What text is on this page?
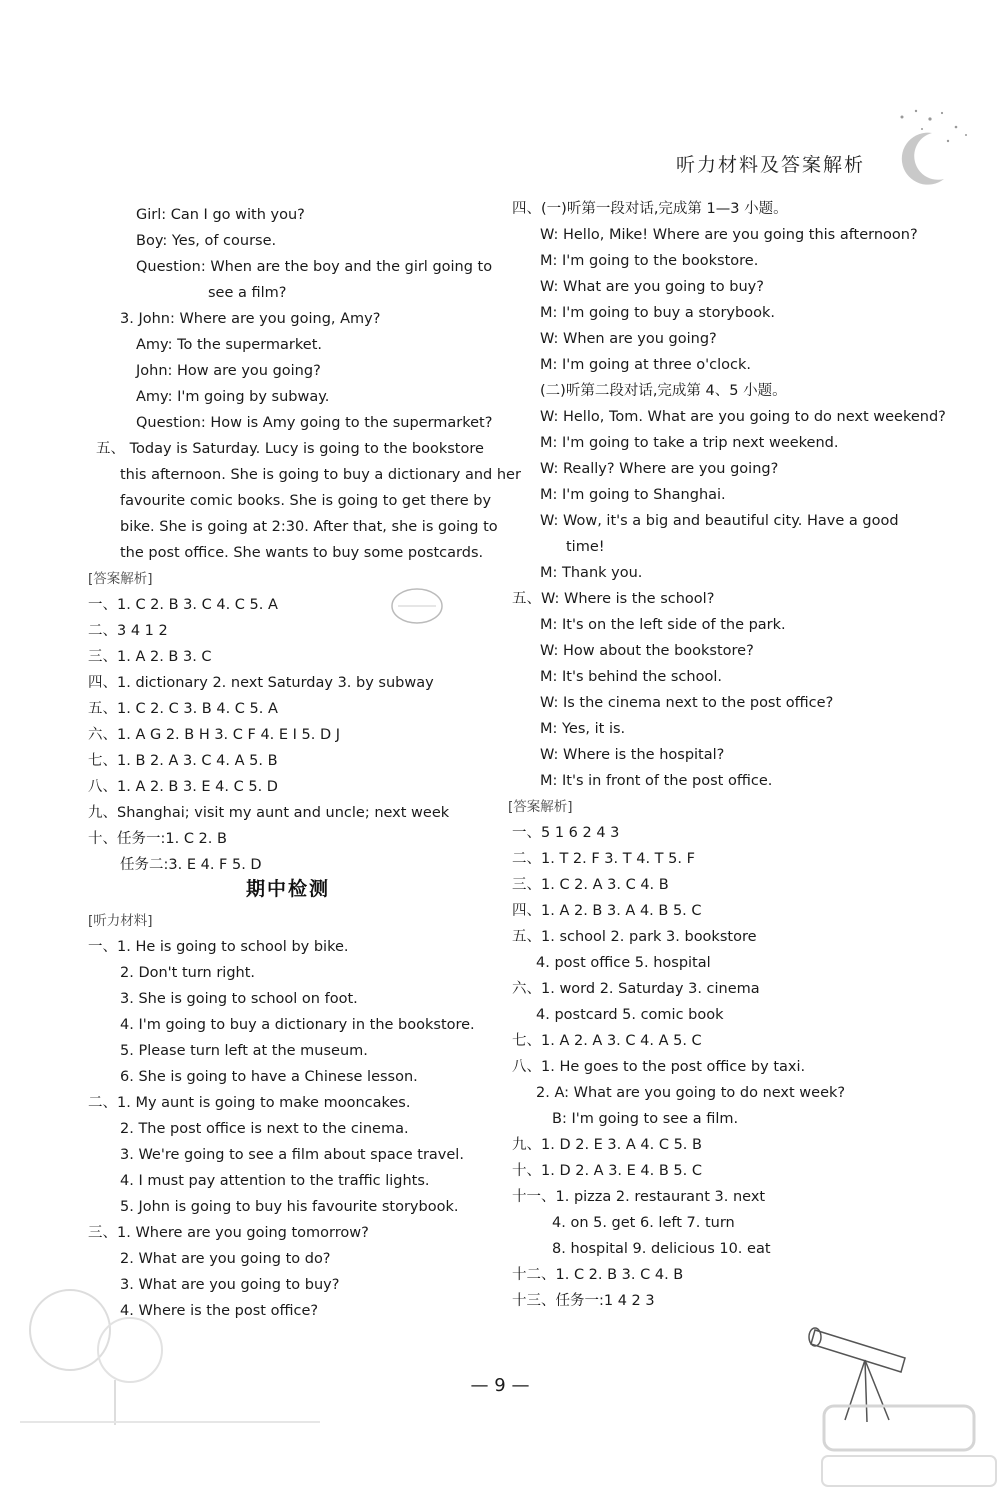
听力材料及答案解析
Girl: Can I go with you?
Boy: Yes, of course.
Question: When are the boy and the girl going to
see a film?
3. John: Where are you going, Amy?
Amy: To the supermarket.
John: How are you going?
Amy: I'm going by subway.
Question: How is Amy going to the supermarket?
五、 Today is Saturday. Lucy is going to the bookstore
this afternoon. She is going to buy a dictionary and her
favourite comic books. She is going to get there by
bike. She is going at 2:30. After that, she is going to
the post office. She wants to buy some postcards.
[答案解析]
一、1. C 2. B 3. C 4. C 5. A
二、3 4 1 2
三、1. A 2. B 3. C
四、1. dictionary 2. next Saturday 3. by subway
五、1. C 2. C 3. B 4. C 5. A
六、1. A G 2. B H 3. C F 4. E I 5. D J
七、1. B 2. A 3. C 4. A 5. B
八、1. A 2. B 3. E 4. C 5. D
九、Shanghai; visit my aunt and uncle; next week
十、任务一:1. C 2. B
任务二:3. E 4. F 5. D
期中检测
[听力材料]
一、1. He is going to school by bike.
2. Don't turn right.
3. She is going to school on foot.
4. I'm going to buy a dictionary in the bookstore.
5. Please turn left at the museum.
6. She is going to have a Chinese lesson.
二、1. My aunt is going to make mooncakes.
2. The post office is next to the cinema.
3. We're going to see a film about space travel.
4. I must pay attention to the traffic lights.
5. John is going to buy his favourite storybook.
三、1. Where are you going tomorrow?
2. What are you going to do?
3. What are you going to buy?
4. Where is the post office?
四、(一)听第一段对话,完成第 1—3 小题。
W: Hello, Mike! Where are you going this afternoon?
M: I'm going to the bookstore.
W: What are you going to buy?
M: I'm going to buy a storybook.
W: When are you going?
M: I'm going at three o'clock.
(二)听第二段对话,完成第 4、5 小题。
W: Hello, Tom. What are you going to do next weekend?
M: I'm going to take a trip next weekend.
W: Really? Where are you going?
M: I'm going to Shanghai.
W: Wow, it's a big and beautiful city. Have a good
time!
M: Thank you.
五、W: Where is the school?
M: It's on the left side of the park.
W: How about the bookstore?
M: It's behind the school.
W: Is the cinema next to the post office?
M: Yes, it is.
W: Where is the hospital?
M: It's in front of the post office.
[答案解析]
一、5 1 6 2 4 3
二、1. T 2. F 3. T 4. T 5. F
三、1. C 2. A 3. C 4. B
四、1. A 2. B 3. A 4. B 5. C
五、1. school 2. park 3. bookstore
4. post office 5. hospital
六、1. word 2. Saturday 3. cinema
4. postcard 5. comic book
七、1. A 2. A 3. C 4. A 5. C
八、1. He goes to the post office by taxi.
2. A: What are you going to do next week?
B: I'm going to see a film.
九、1. D 2. E 3. A 4. C 5. B
十、1. D 2. A 3. E 4. B 5. C
十一、1. pizza 2. restaurant 3. next
4. on 5. get 6. left 7. turn
8. hospital 9. delicious 10. eat
十二、1. C 2. B 3. C 4. B
十三、任务一:1 4 2 3
— 9 —
